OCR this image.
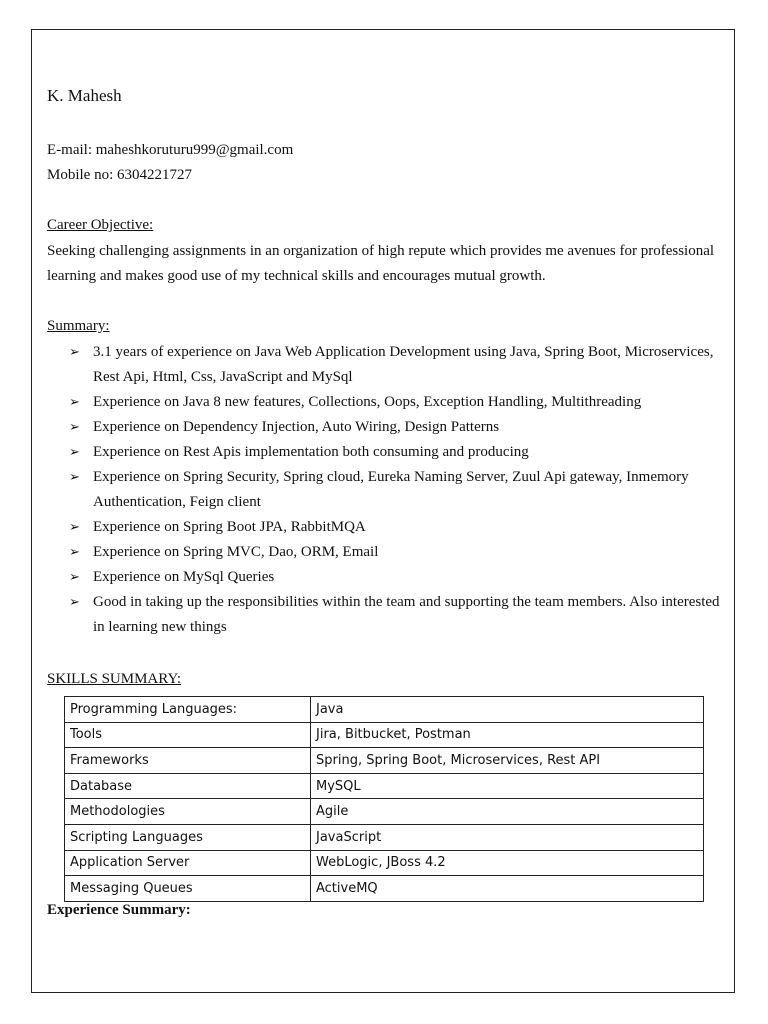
K. Mahesh
E-mail: maheshkoruturu999@gmail.com
Mobile no: 6304221727
Career Objective:
Seeking challenging assignments in an organization of high repute which provides me avenues for professional learning and makes good use of my technical skills and encourages mutual growth.
Summary:
➢ 3.1 years of experience on Java Web Application Development using Java, Spring Boot, Microservices, Rest Api, Html, Css, JavaScript and MySql
➢ Experience on Java 8 new features, Collections, Oops, Exception Handling, Multithreading
➢ Experience on Dependency Injection, Auto Wiring, Design Patterns
➢ Experience on Rest Apis implementation both consuming and producing
➢ Experience on Spring Security, Spring cloud, Eureka Naming Server, Zuul Api gateway, Inmemory Authentication, Feign client
➢ Experience on Spring Boot JPA, RabbitMQA
➢ Experience on Spring MVC, Dao, ORM, Email
➢ Experience on MySql Queries
➢ Good in taking up the responsibilities within the team and supporting the team members. Also interested in learning new things
SKILLS SUMMARY:
Programming Languages:	Java
Tools	Jira, Bitbucket, Postman
Frameworks	Spring, Spring Boot, Microservices, Rest API
Database	MySQL
Methodologies	Agile
Scripting Languages	JavaScript
Application Server	WebLogic, JBoss 4.2
Messaging Queues	ActiveMQ
Experience Summary:
